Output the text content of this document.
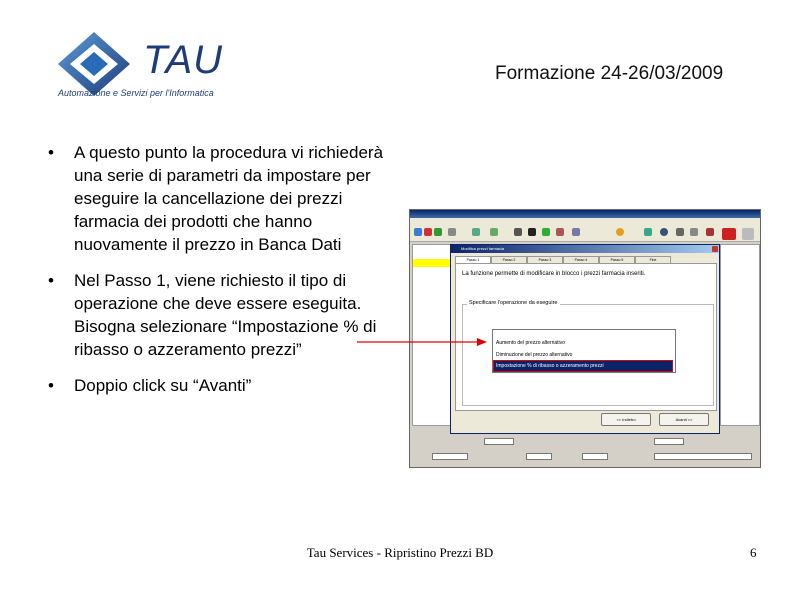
TAU
Automazione e Servizi per l'Informatica
Formazione 24-26/03/2009
• A questo punto la procedura vi richiederà una serie di parametri da impostare per eseguire la cancellazione dei prezzi farmacia dei prodotti che hanno nuovamente il prezzo in Banca Dati
• Nel Passo 1, viene richiesto il tipo di operazione che deve essere eseguita. Bisogna selezionare “Impostazione % di ribasso o azzeramento prezzi”
• Doppio click su “Avanti”
Modifica prezzi farmacia
Passo 1	Passo 2	Passo 3	Passo 4	Passo 5	Fine
La funzione permette di modificare in blocco i prezzi farmacia inseriti.
Specificare l'operazione da eseguire
Aumento del prezzo alternativo
Diminuzione del prezzo alternativo
Impostazione % di ribasso o azzeramento prezzi
<< Indietro	Avanti >>
Tau Services - Ripristino Prezzi BD	6
